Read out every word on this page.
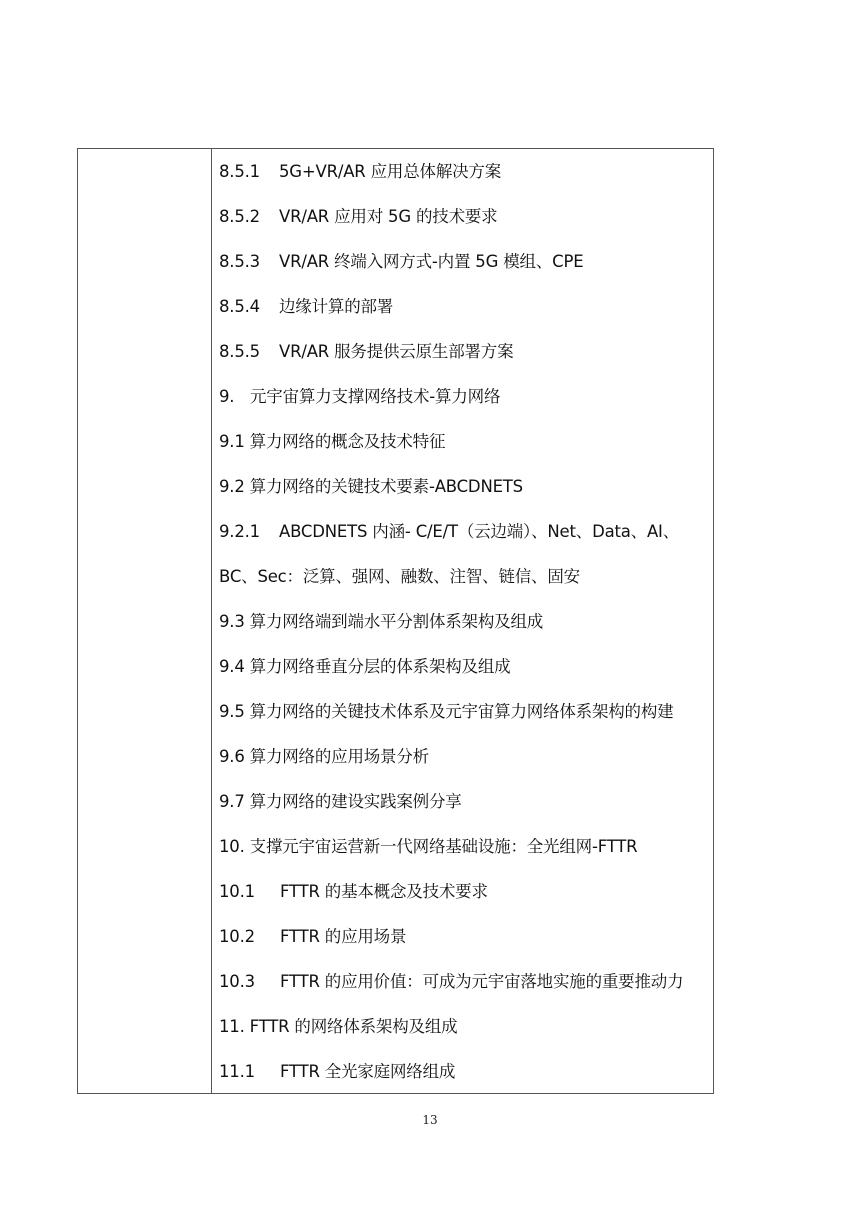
8.5.1	5G+VR/AR 应用总体解决方案
8.5.2	VR/AR 应用对 5G 的技术要求
8.5.3	VR/AR 终端入网方式-内置 5G 模组、CPE
8.5.4	边缘计算的部署
8.5.5	VR/AR 服务提供云原生部署方案
9. 元宇宙算力支撑网络技术-算力网络
9.1 算力网络的概念及技术特征
9.2 算力网络的关键技术要素-ABCDNETS
9.2.1	ABCDNETS 内涵- C/E/T（云边端）、Net、Data、AI、
BC、Sec：泛算、强网、融数、注智、链信、固安
9.3 算力网络端到端水平分割体系架构及组成
9.4 算力网络垂直分层的体系架构及组成
9.5 算力网络的关键技术体系及元宇宙算力网络体系架构的构建
9.6 算力网络的应用场景分析
9.7 算力网络的建设实践案例分享
10. 支撑元宇宙运营新一代网络基础设施：全光组网-FTTR
10.1	FTTR 的基本概念及技术要求
10.2	FTTR 的应用场景
10.3	FTTR 的应用价值：可成为元宇宙落地实施的重要推动力
11. FTTR 的网络体系架构及组成
11.1	FTTR 全光家庭网络组成
13
